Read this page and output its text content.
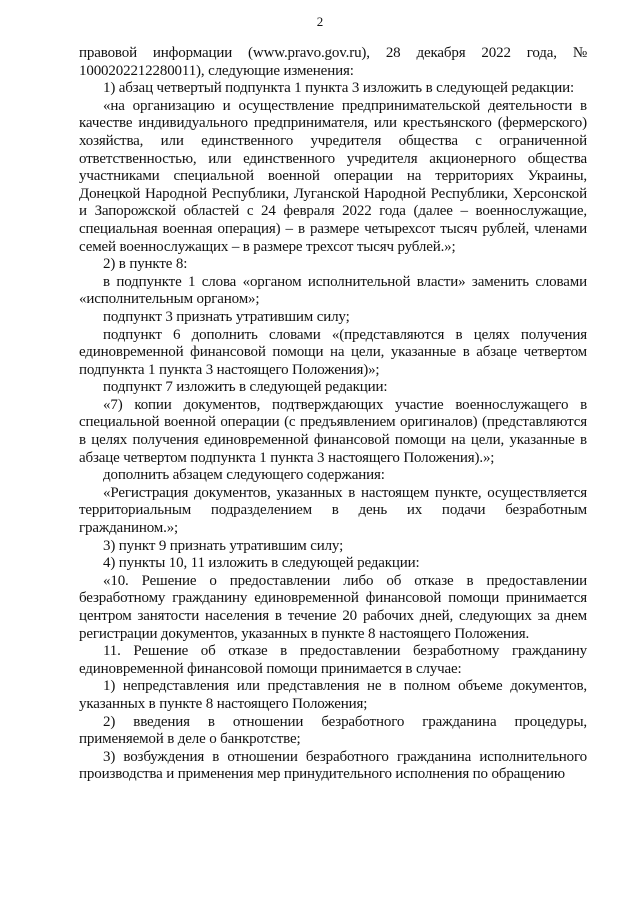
2

правовой информации (www.pravo.gov.ru), 28 декабря 2022 года, № 1000202212280011), следующие изменения:

1) абзац четвертый подпункта 1 пункта 3 изложить в следующей редакции:

«на организацию и осуществление предпринимательской деятельности в качестве индивидуального предпринимателя, или крестьянского (фермерского) хозяйства, или единственного учредителя общества с ограниченной ответственностью, или единственного учредителя акционерного общества участниками специальной военной операции на территориях Украины, Донецкой Народной Республики, Луганской Народной Республики, Херсонской и Запорожской областей с 24 февраля 2022 года (далее – военнослужащие, специальная военная операция) – в размере четырехсот тысяч рублей, членами семей военнослужащих – в размере трехсот тысяч рублей.»;

2) в пункте 8:

в подпункте 1 слова «органом исполнительной власти» заменить словами «исполнительным органом»;

подпункт 3 признать утратившим силу;

подпункт 6 дополнить словами «(представляются в целях получения единовременной финансовой помощи на цели, указанные в абзаце четвертом подпункта 1 пункта 3 настоящего Положения)»;

подпункт 7 изложить в следующей редакции:

«7) копии документов, подтверждающих участие военнослужащего в специальной военной операции (с предъявлением оригиналов) (представляются в целях получения единовременной финансовой помощи на цели, указанные в абзаце четвертом подпункта 1 пункта 3 настоящего Положения).»;

дополнить абзацем следующего содержания:

«Регистрация документов, указанных в настоящем пункте, осуществляется территориальным подразделением в день их подачи безработным гражданином.»;

3) пункт 9 признать утратившим силу;

4) пункты 10, 11 изложить в следующей редакции:

«10. Решение о предоставлении либо об отказе в предоставлении безработному гражданину единовременной финансовой помощи принимается центром занятости населения в течение 20 рабочих дней, следующих за днем регистрации документов, указанных в пункте 8 настоящего Положения.

11. Решение об отказе в предоставлении безработному гражданину единовременной финансовой помощи принимается в случае:

1) непредставления или представления не в полном объеме документов, указанных в пункте 8 настоящего Положения;

2) введения в отношении безработного гражданина процедуры, применяемой в деле о банкротстве;

3) возбуждения в отношении безработного гражданина исполнительного производства и применения мер принудительного исполнения по обращению
